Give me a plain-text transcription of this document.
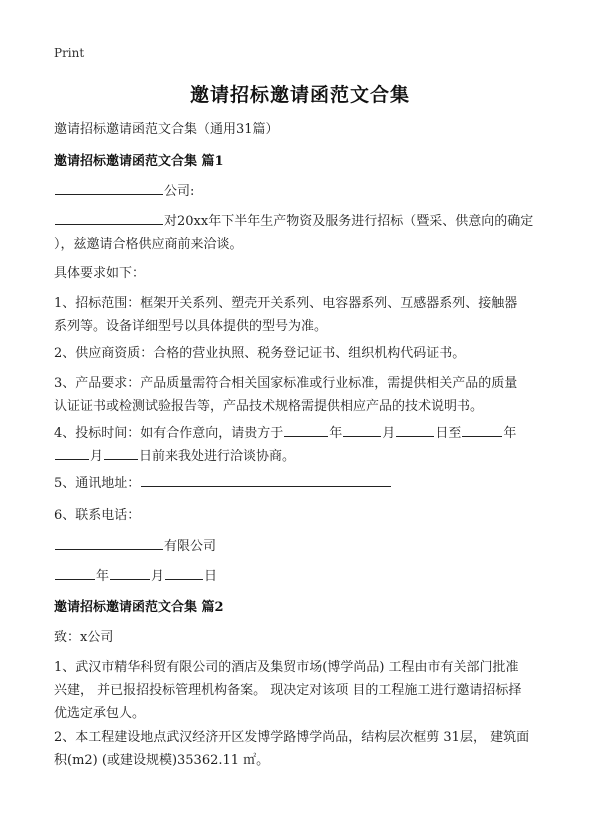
Print
邀请招标邀请函范文合集
邀请招标邀请函范文合集（通用31篇）
邀请招标邀请函范文合集 篇1
公司:
对20xx年下半年生产物资及服务进行招标（暨采、供意向的确定
），兹邀请合格供应商前来洽谈。
具体要求如下：
1、招标范围：框架开关系列、塑壳开关系列、电容器系列、互感器系列、接触器
系列等。设备详细型号以具体提供的型号为准。
2、供应商资质：合格的营业执照、税务登记证书、组织机构代码证书。
3、产品要求：产品质量需符合相关国家标准或行业标准，需提供相关产品的质量
认证证书或检测试验报告等，产品技术规格需提供相应产品的技术说明书。
4、投标时间：如有合作意向，请贵方于	年	月	日至	年
月	日前来我处进行洽谈协商。
5、通讯地址：
6、联系电话：
有限公司
年	月	日
邀请招标邀请函范文合集 篇2
致：x公司
1、武汉市精华科贸有限公司的酒店及集贸市场(博学尚品) 工程由市有关部门批准
兴建， 并已报招投标管理机构备案。 现决定对该项 目的工程施工进行邀请招标择
优选定承包人。
2、本工程建设地点武汉经济开区发博学路博学尚品，结构层次框剪 31层， 建筑面
积(m2) (或建设规模)35362.11 ㎡。
